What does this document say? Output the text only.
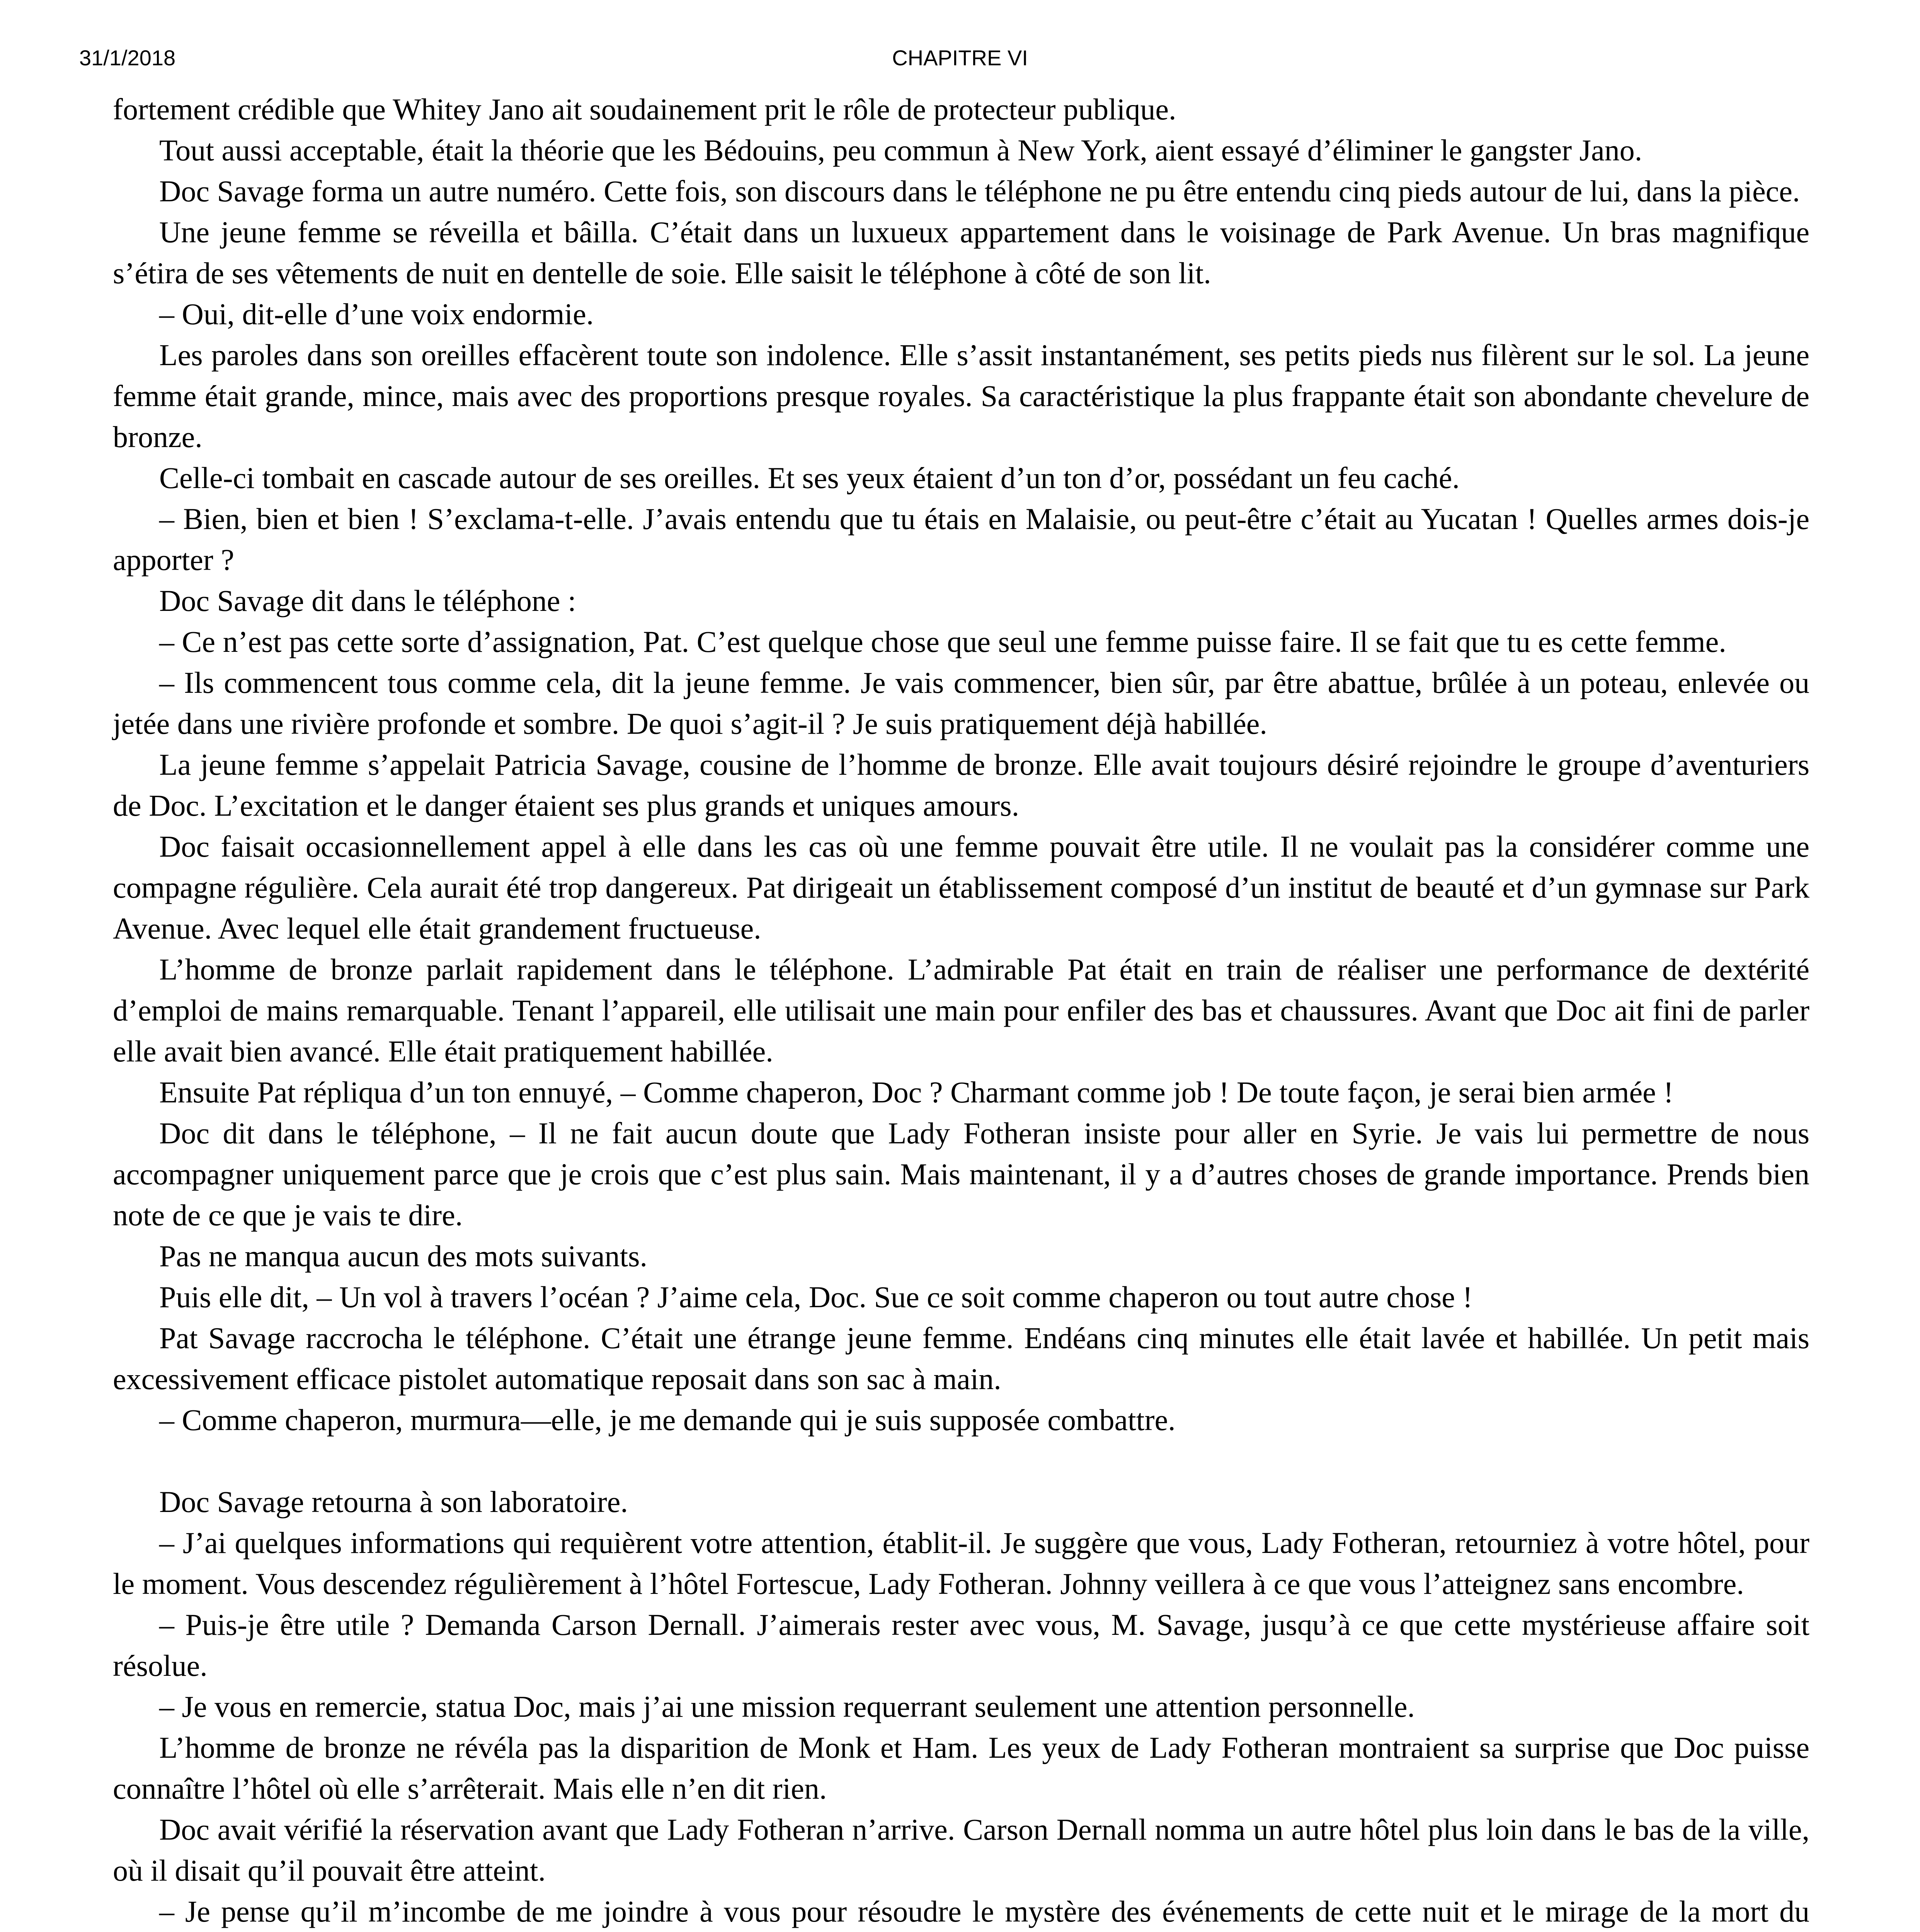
CHAPITRE VI
31/1/2018

fortement crédible que Whitey Jano ait soudainement prit le rôle de protecteur publique.

Tout aussi acceptable, était la théorie que les Bédouins, peu commun à New York, aient essayé d’éliminer le gangster Jano.

Doc Savage forma un autre numéro. Cette fois, son discours dans le téléphone ne pu être entendu cinq pieds autour de lui, dans la pièce.

Une jeune femme se réveilla et bâilla. C’était dans un luxueux appartement dans le voisinage de Park Avenue. Un bras magnifique s’étira de ses vêtements de nuit en dentelle de soie. Elle saisit le téléphone à côté de son lit.

– Oui, dit-elle d’une voix endormie.

Les paroles dans son oreilles effacèrent toute son indolence. Elle s’assit instantanément, ses petits pieds nus filèrent sur le sol. La jeune femme était grande, mince, mais avec des proportions presque royales. Sa caractéristique la plus frappante était son abondante chevelure de bronze.

Celle-ci tombait en cascade autour de ses oreilles. Et ses yeux étaient d’un ton d’or, possédant un feu caché.

– Bien, bien et bien ! S’exclama-t-elle. J’avais entendu que tu étais en Malaisie, ou peut-être c’était au Yucatan ! Quelles armes dois-je apporter ?

Doc Savage dit dans le téléphone :

– Ce n’est pas cette sorte d’assignation, Pat. C’est quelque chose que seul une femme puisse faire. Il se fait que tu es cette femme.

– Ils commencent tous comme cela, dit la jeune femme. Je vais commencer, bien sûr, par être abattue, brûlée à un poteau, enlevée ou jetée dans une rivière profonde et sombre. De quoi s’agit-il ? Je suis pratiquement déjà habillée.

La jeune femme s’appelait Patricia Savage, cousine de l’homme de bronze. Elle avait toujours désiré rejoindre le groupe d’aventuriers de Doc. L’excitation et le danger étaient ses plus grands et uniques amours.

Doc faisait occasionnellement appel à elle dans les cas où une femme pouvait être utile. Il ne voulait pas la considérer comme une compagne régulière. Cela aurait été trop dangereux. Pat dirigeait un établissement composé d’un institut de beauté et d’un gymnase sur Park Avenue. Avec lequel elle était grandement fructueuse.

L’homme de bronze parlait rapidement dans le téléphone. L’admirable Pat était en train de réaliser une performance de dextérité d’emploi de mains remarquable. Tenant l’appareil, elle utilisait une main pour enfiler des bas et chaussures. Avant que Doc ait fini de parler elle avait bien avancé. Elle était pratiquement habillée.

Ensuite Pat répliqua d’un ton ennuyé, – Comme chaperon, Doc ? Charmant comme job ! De toute façon, je serai bien armée !

Doc dit dans le téléphone, – Il ne fait aucun doute que Lady Fotheran insiste pour aller en Syrie. Je vais lui permettre de nous accompagner uniquement parce que je crois que c’est plus sain. Mais maintenant, il y a d’autres choses de grande importance. Prends bien note de ce que je vais te dire.

Pas ne manqua aucun des mots suivants.

Puis elle dit, – Un vol à travers l’océan ? J’aime cela, Doc. Sue ce soit comme chaperon ou tout autre chose !

Pat Savage raccrocha le téléphone. C’était une étrange jeune femme. Endéans cinq minutes elle était lavée et habillée. Un petit mais excessivement efficace pistolet automatique reposait dans son sac à main.

– Comme chaperon, murmura—elle, je me demande qui je suis supposée combattre.

Doc Savage retourna à son laboratoire.

– J’ai quelques informations qui requièrent votre attention, établit-il. Je suggère que vous, Lady Fotheran, retourniez à votre hôtel, pour le moment. Vous descendez régulièrement à l’hôtel Fortescue, Lady Fotheran. Johnny veillera à ce que vous l’atteignez sans encombre.

– Puis-je être utile ? Demanda Carson Dernall. J’aimerais rester avec vous, M. Savage, jusqu’à ce que cette mystérieuse affaire soit résolue.

– Je vous en remercie, statua Doc, mais j’ai une mission requerrant seulement une attention personnelle.

L’homme de bronze ne révéla pas la disparition de Monk et Ham. Les yeux de Lady Fotheran montraient sa surprise que Doc puisse connaître l’hôtel où elle s’arrêterait. Mais elle n’en dit rien.

Doc avait vérifié la réservation avant que Lady Fotheran n’arrive. Carson Dernall nomma un autre hôtel plus loin dans le bas de la ville, où il disait qu’il pouvait être atteint.

– Je pense qu’il m’incombe de me joindre à vous pour résoudre le mystère des événements de cette nuit et le mirage de la mort du
